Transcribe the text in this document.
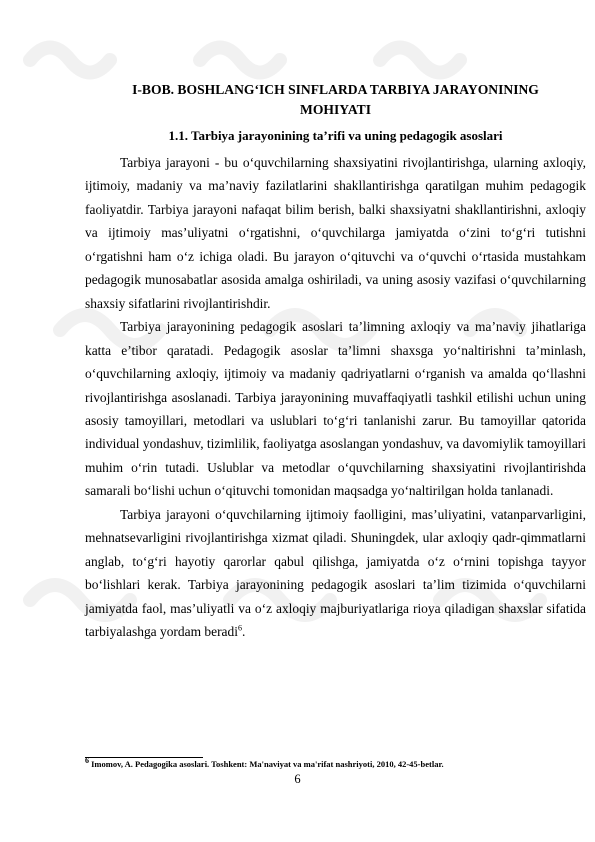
I-BOB. BOSHLANG‘ICH SINFLARDA TARBIYA JARAYONINING
MOHIYATI
1.1. Tarbiya jarayonining ta’rifi va uning pedagogik asoslari

Tarbiya jarayoni - bu o‘quvchilarning shaxsiyatini rivojlantirishga, ularning axloqiy, ijtimoiy, madaniy va ma’naviy fazilatlarini shakllantirishga qaratilgan muhim pedagogik faoliyatdir. Tarbiya jarayoni nafaqat bilim berish, balki shaxsiyatni shakllantirishni, axloqiy va ijtimoiy mas’uliyatni o‘rgatishni, o‘quvchilarga jamiyatda o‘zini to‘g‘ri tutishni o‘rgatishni ham o‘z ichiga oladi. Bu jarayon o‘qituvchi va o‘quvchi o‘rtasida mustahkam pedagogik munosabatlar asosida amalga oshiriladi, va uning asosiy vazifasi o‘quvchilarning shaxsiy sifatlarini rivojlantirishdir.

Tarbiya jarayonining pedagogik asoslari ta’limning axloqiy va ma’naviy jihatlariga katta e’tibor qaratadi. Pedagogik asoslar ta’limni shaxsga yo‘naltirishni ta’minlash, o‘quvchilarning axloqiy, ijtimoiy va madaniy qadriyatlarni o‘rganish va amalda qo‘llashni rivojlantirishga asoslanadi. Tarbiya jarayonining muvaffaqiyatli tashkil etilishi uchun uning asosiy tamoyillari, metodlari va uslublari to‘g‘ri tanlanishi zarur. Bu tamoyillar qatorida individual yondashuv, tizimlilik, faoliyatga asoslangan yondashuv, va davomiylik tamoyillari muhim o‘rin tutadi. Uslublar va metodlar o‘quvchilarning shaxsiyatini rivojlantirishda samarali bo‘lishi uchun o‘qituvchi tomonidan maqsadga yo‘naltirilgan holda tanlanadi.

Tarbiya jarayoni o‘quvchilarning ijtimoiy faolligini, mas’uliyatini, vatanparvarligini, mehnatsevarligini rivojlantirishga xizmat qiladi. Shuningdek, ular axloqiy qadr-qimmatlarni anglab, to‘g‘ri hayotiy qarorlar qabul qilishga, jamiyatda o‘z o‘rnini topishga tayyor bo‘lishlari kerak. Tarbiya jarayonining pedagogik asoslari ta’lim tizimida o‘quvchilarni jamiyatda faol, mas’uliyatli va o‘z axloqiy majburiyatlariga rioya qiladigan shaxslar sifatida tarbiyalashga yordam beradi$^6$.

$^6$ Imomov, A. Pedagogika asoslari. Toshkent: Ma'naviyat va ma'rifat nashriyoti, 2010, 42-45-betlar.
6
